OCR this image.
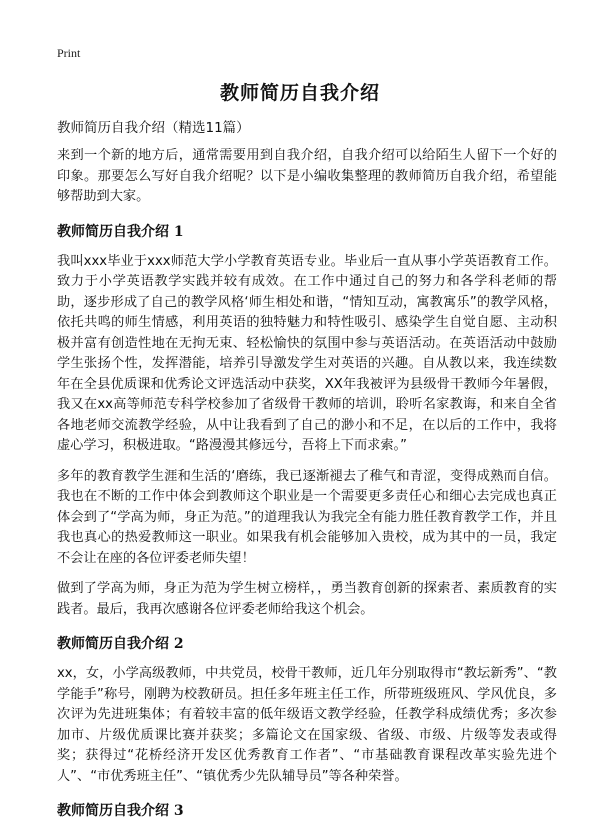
Print
教师简历自我介绍
教师简历自我介绍（精选11篇）

来到一个新的地方后，通常需要用到自我介绍，自我介绍可以给陌生人留下一个好的印象。那要怎么写好自我介绍呢？以下是小编收集整理的教师简历自我介绍，希望能够帮助到大家。

教师简历自我介绍 1

我叫xxx毕业于xxx师范大学小学教育英语专业。毕业后一直从事小学英语教育工作。致力于小学英语教学实践并较有成效。在工作中通过自己的努力和各学科老师的帮助，逐步形成了自己的教学风格‘师生相处和谐，“情知互动，寓教寓乐”的教学风格，依托共鸣的师生情感，利用英语的独特魅力和特性吸引、感染学生自觉自愿、主动积极并富有创造性地在无拘无束、轻松愉快的氛围中参与英语活动。在英语活动中鼓励学生张扬个性，发挥潜能，培养引导激发学生对英语的兴趣。自从教以来，我连续数年在全县优质课和优秀论文评选活动中获奖，XX年我被评为县级骨干教师今年暑假，我又在xx高等师范专科学校参加了省级骨干教师的培训，聆听名家教诲，和来自全省各地老师交流教学经验，从中让我看到了自己的渺小和不足，在以后的工作中，我将虚心学习，积极进取。“路漫漫其修远兮，吾将上下而求索。”

多年的教育教学生涯和生活的‘磨练，我已逐渐褪去了稚气和青涩，变得成熟而自信。我也在不断的工作中体会到教师这个职业是一个需要更多责任心和细心去完成也真正体会到了“学高为师，身正为范。”的道理我认为我完全有能力胜任教育教学工作，并且我也真心的热爱教师这一职业。如果我有机会能够加入贵校，成为其中的一员，我定不会让在座的各位评委老师失望！

做到了学高为师，身正为范为学生树立榜样，，勇当教育创新的探索者、素质教育的实践者。最后，我再次感谢各位评委老师给我这个机会。

教师简历自我介绍 2

xx，女，小学高级教师，中共党员，校骨干教师，近几年分别取得市“教坛新秀”、“教学能手”称号，刚聘为校教研员。担任多年班主任工作，所带班级班风、学风优良，多次评为先进班集体；有着较丰富的低年级语文教学经验，任教学科成绩优秀；多次参加市、片级优质课比赛并获奖；多篇论文在国家级、省级、市级、片级等发表或得奖；获得过“花桥经济开发区优秀教育工作者”、“市基础教育课程改革实验先进个人”、“市优秀班主任”、“镇优秀少先队辅导员”等各种荣誉。

教师简历自我介绍 3
